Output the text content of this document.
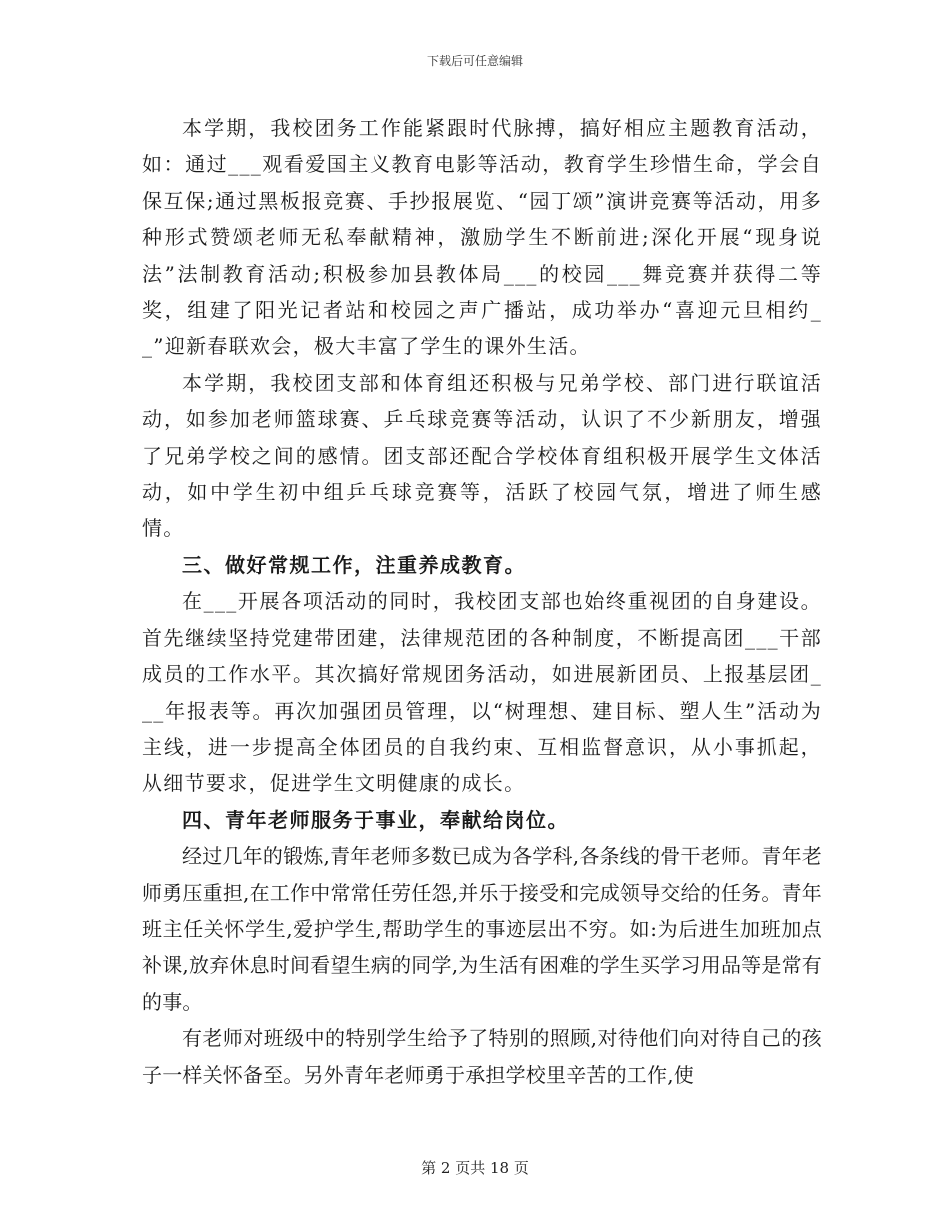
下载后可任意编辑

本学期，我校团务工作能紧跟时代脉搏，搞好相应主题教育活动，如：通过___观看爱国主义教育电影等活动，教育学生珍惜生命，学会自保互保;通过黑板报竞赛、手抄报展览、“园丁颂”演讲竞赛等活动，用多种形式赞颂老师无私奉献精神，激励学生不断前进;深化开展“现身说法”法制教育活动;积极参加县教体局___的校园___舞竞赛并获得二等奖，组建了阳光记者站和校园之声广播站，成功举办“喜迎元旦相约__”迎新春联欢会，极大丰富了学生的课外生活。

本学期，我校团支部和体育组还积极与兄弟学校、部门进行联谊活动，如参加老师篮球赛、乒乓球竞赛等活动，认识了不少新朋友，增强了兄弟学校之间的感情。团支部还配合学校体育组积极开展学生文体活动，如中学生初中组乒乓球竞赛等，活跃了校园气氛，增进了师生感情。

三、做好常规工作，注重养成教育。

在___开展各项活动的同时，我校团支部也始终重视团的自身建设。首先继续坚持党建带团建，法律规范团的各种制度，不断提高团___干部成员的工作水平。其次搞好常规团务活动，如进展新团员、上报基层团___年报表等。再次加强团员管理，以“树理想、建目标、塑人生”活动为主线，进一步提高全体团员的自我约束、互相监督意识，从小事抓起，从细节要求，促进学生文明健康的成长。

四、青年老师服务于事业，奉献给岗位。

经过几年的锻炼,青年老师多数已成为各学科,各条线的骨干老师。青年老师勇压重担,在工作中常常任劳任怨,并乐于接受和完成领导交给的任务。青年班主任关怀学生,爱护学生,帮助学生的事迹层出不穷。如:为后进生加班加点补课,放弃休息时间看望生病的同学,为生活有困难的学生买学习用品等是常有的事。

有老师对班级中的特别学生给予了特别的照顾,对待他们向对待自己的孩子一样关怀备至。另外青年老师勇于承担学校里辛苦的工作,使

第 2 页共 18 页
